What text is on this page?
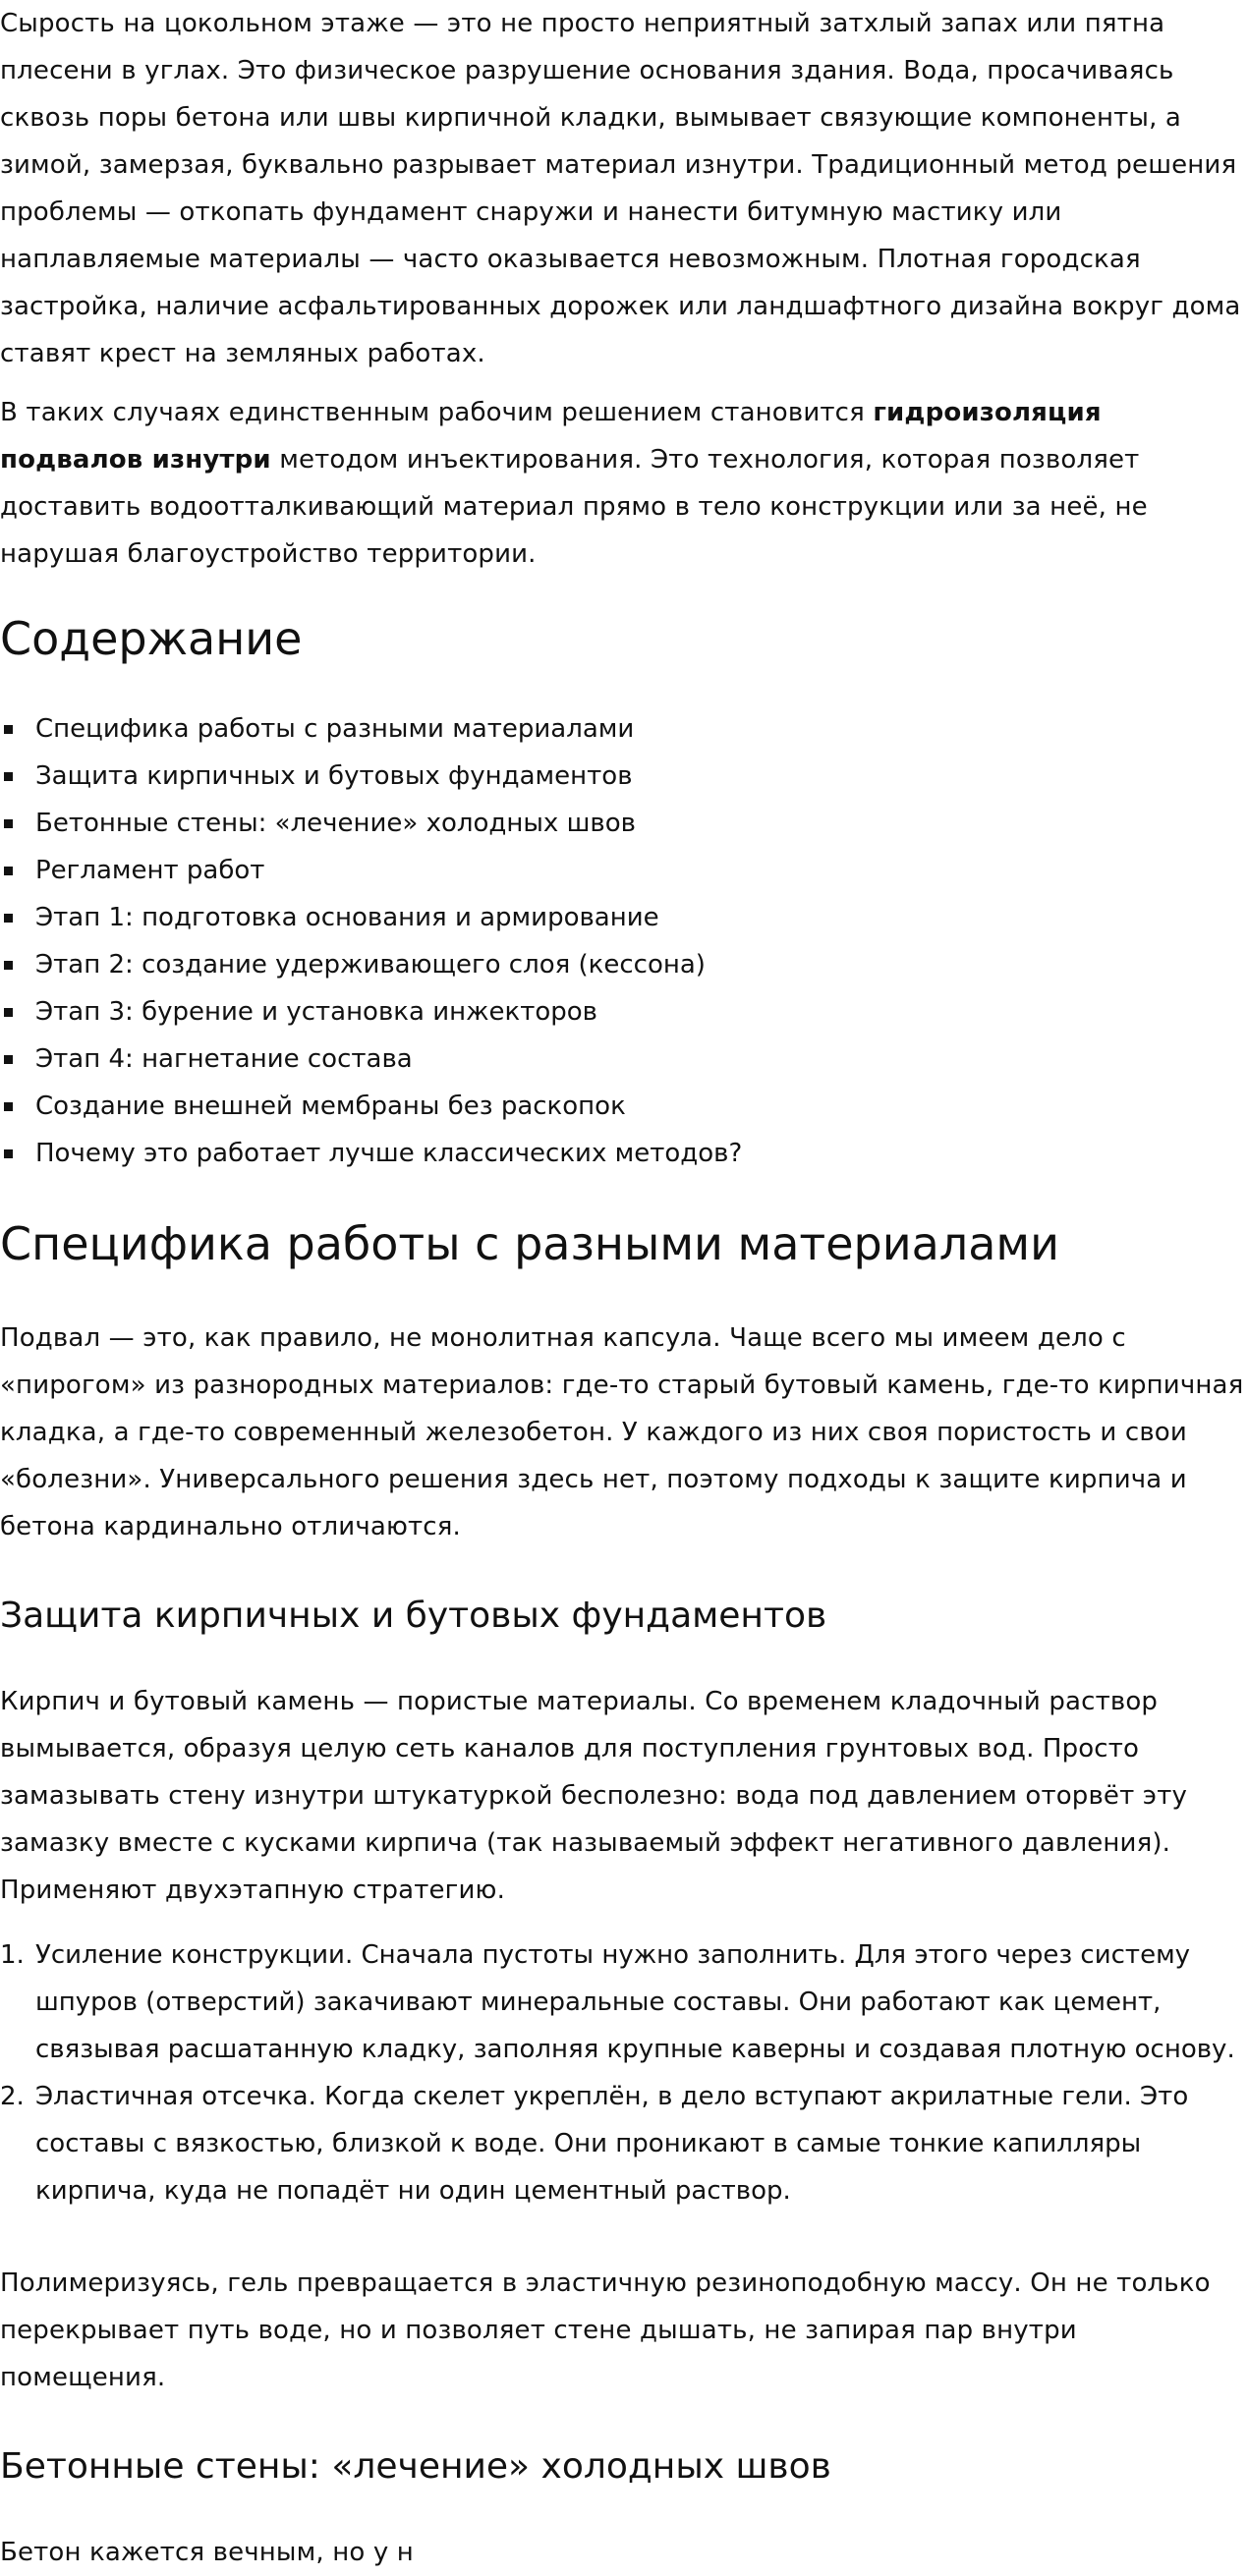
Сырость на цокольном этаже — это не просто неприятный затхлый запах или пятна плесени в углах. Это физическое разрушение основания здания. Вода, просачиваясь сквозь поры бетона или швы кирпичной кладки, вымывает связующие компоненты, а зимой, замерзая, буквально разрывает материал изнутри. Традиционный метод решения проблемы — откопать фундамент снаружи и нанести битумную мастику или наплавляемые материалы — часто оказывается невозможным. Плотная городская застройка, наличие асфальтированных дорожек или ландшафтного дизайна вокруг дома ставят крест на земляных работах.

В таких случаях единственным рабочим решением становится гидроизоляция подвалов изнутри методом инъектирования. Это технология, которая позволяет доставить водоотталкивающий материал прямо в тело конструкции или за неё, не нарушая благоустройство территории.

Содержание
Специфика работы с разными материалами
Защита кирпичных и бутовых фундаментов
Бетонные стены: «лечение» холодных швов
Регламент работ
Этап 1: подготовка основания и армирование
Этап 2: создание удерживающего слоя (кессона)
Этап 3: бурение и установка инжекторов
Этап 4: нагнетание состава
Создание внешней мембраны без раскопок
Почему это работает лучше классических методов?
Специфика работы с разными материалами

Подвал — это, как правило, не монолитная капсула. Чаще всего мы имеем дело с «пирогом» из разнородных материалов: где-то старый бутовый камень, где-то кирпичная кладка, а где-то современный железобетон. У каждого из них своя пористость и свои «болезни». Универсального решения здесь нет, поэтому подходы к защите кирпича и бетона кардинально отличаются.

Защита кирпичных и бутовых фундаментов

Кирпич и бутовый камень — пористые материалы. Со временем кладочный раствор вымывается, образуя целую сеть каналов для поступления грунтовых вод. Просто замазывать стену изнутри штукатуркой бесполезно: вода под давлением оторвёт эту замазку вместе с кусками кирпича (так называемый эффект негативного давления). Применяют двухэтапную стратегию.

1. Усиление конструкции. Сначала пустоты нужно заполнить. Для этого через систему шпуров (отверстий) закачивают минеральные составы. Они работают как цемент, связывая расшатанную кладку, заполняя крупные каверны и создавая плотную основу.
2. Эластичная отсечка. Когда скелет укреплён, в дело вступают акрилатные гели. Это составы с вязкостью, близкой к воде. Они проникают в самые тонкие капилляры кирпича, куда не попадёт ни один цементный раствор.

Полимеризуясь, гель превращается в эластичную резиноподобную массу. Он не только перекрывает путь воде, но и позволяет стене дышать, не запирая пар внутри помещения.

Бетонные стены: «лечение» холодных швов

Бетон кажется вечным, но у н
